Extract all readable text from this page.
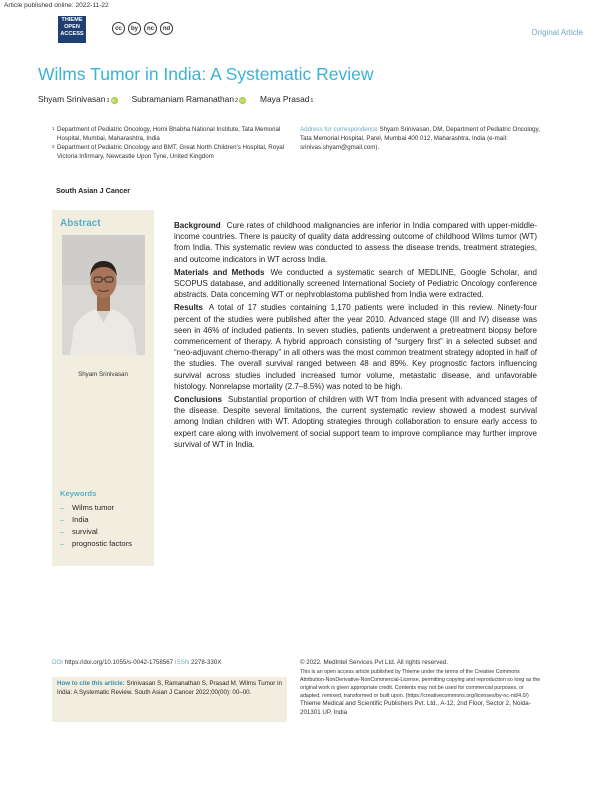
Article published online: 2022-11-22
THIEME
OPEN
ACCESS
cc	by	nc	nd	Original Article
Wilms Tumor in India: A Systematic Review
Shyam Srinivasan$_1$ iD Subramaniam Ramanathan$_2$ iD Maya Prasad$_1$
1 Department of Pediatric Oncology, Homi Bhabha National Institute, Tata Memorial Hospital, Mumbai, Maharashtra, India
2 Department of Pediatric Oncology and BMT, Great North Children's Hospital, Royal Victoria Infirmary, Newcastle Upon Tyne, United Kingdom
Address for correspondence Shyam Srinivasan, DM, Department of Pediatric Oncology, Tata Memorial Hospital, Parel, Mumbai 400 012, Maharashtra, India (e-mail: srinivas.shyam@gmail.com).
South Asian J Cancer
Abstract
Shyam Srinivasan
Keywords
– Wilms tumor
– India
– survival
– prognostic factors

Background Cure rates of childhood malignancies are inferior in India compared with upper-middle-income countries. There is paucity of quality data addressing outcome of childhood Wilms tumor (WT) from India. This systematic review was conducted to assess the disease trends, treatment strategies, and outcome indicators in WT across India.

Materials and Methods We conducted a systematic search of MEDLINE, Google Scholar, and SCOPUS database, and additionally screened International Society of Pediatric Oncology conference abstracts. Data concerning WT or nephroblastoma published from India were extracted.

Results A total of 17 studies containing 1,170 patients were included in this review. Ninety-four percent of the studies were published after the year 2010. Advanced stage (III and IV) disease was seen in 46% of included patients. In seven studies, patients underwent a pretreatment biopsy before commencement of therapy. A hybrid approach consisting of “surgery first” in a selected subset and “neo-adjuvant chemo-therapy” in all others was the most common treatment strategy adopted in half of the studies. The overall survival ranged between 48 and 89%. Key prognostic factors influencing survival across studies included increased tumor volume, metastatic disease, and unfavorable histology. Nonrelapse mortality (2.7–8.5%) was noted to be high.

Conclusions Substantial proportion of children with WT from India present with advanced stages of the disease. Despite several limitations, the current systematic review showed a modest survival among Indian children with WT. Adopting strategies through collaboration to ensure early access to expert care along with involvement of social support team to improve compliance may further improve survival of WT in India.

DOI https://doi.org/10.1055/s-0042-1758567 ISSN 2278-330X
How to cite this article: Srinivasan S, Ramanathan S, Prasad M. Wilms Tumor in India: A Systematic Review. South Asian J Cancer 2022;00(00): 00–00.
© 2022. MedIntel Services Pvt Ltd. All rights reserved.
This is an open access article published by Thieme under the terms of the Creative Commons Attribution-NonDerivative-NonCommercial-License, permitting copying and reproduction so long as the original work is given appropriate credit. Contents may not be used for commercial purposes, or adapted, remixed, transformed or built upon. (https://creativecommons.org/licenses/by-nc-nd/4.0/)
Thieme Medical and Scientific Publishers Pvt. Ltd., A-12, 2nd Floor, Sector 2, Noida-201301 UP, India
